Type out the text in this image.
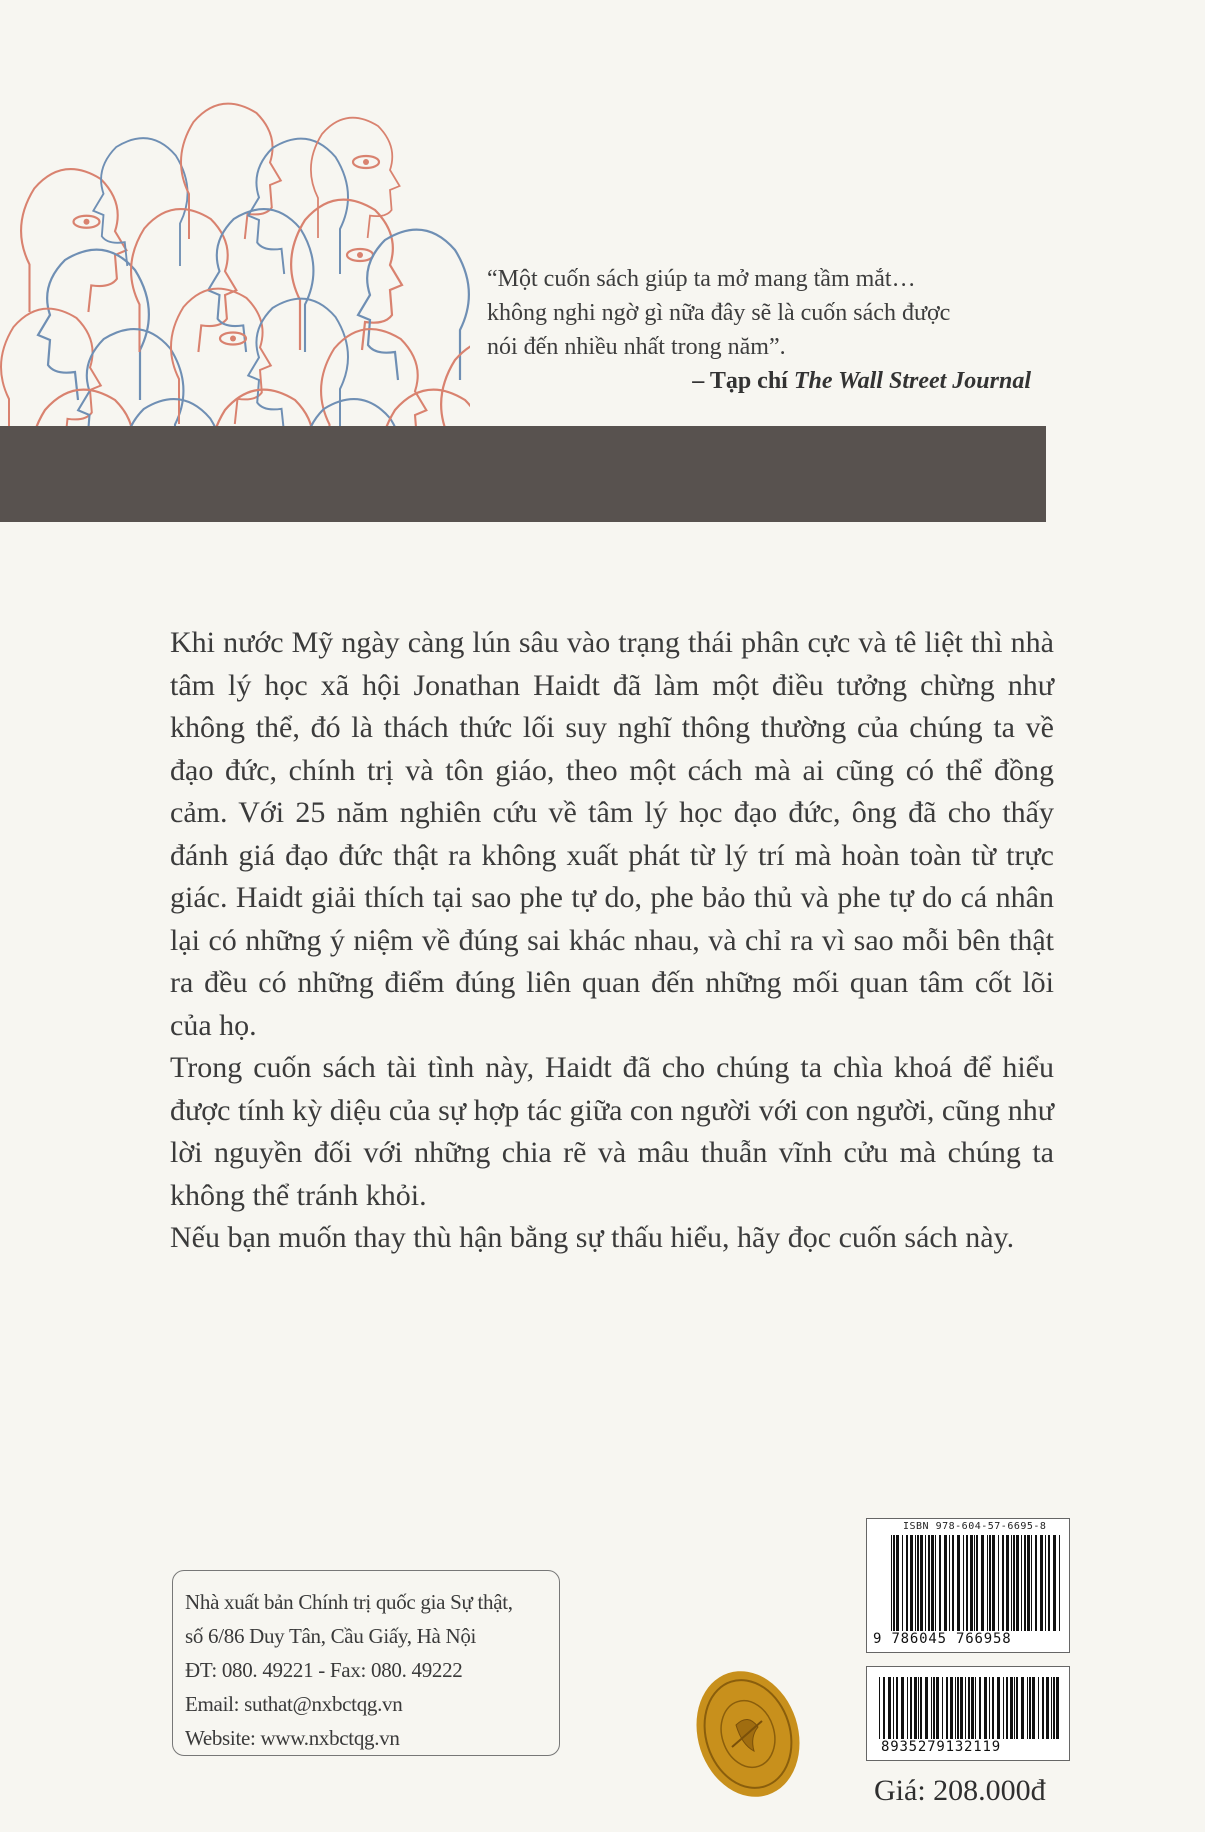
“Một cuốn sách giúp ta mở mang tầm mắt…

không nghi ngờ gì nữa đây sẽ là cuốn sách được

nói đến nhiều nhất trong năm”.

– Tạp chí The Wall Street Journal

Khi nước Mỹ ngày càng lún sâu vào trạng thái phân cực và tê liệt thì nhà tâm lý học xã hội Jonathan Haidt đã làm một điều tưởng chừng như không thể, đó là thách thức lối suy nghĩ thông thường của chúng ta về đạo đức, chính trị và tôn giáo, theo một cách mà ai cũng có thể đồng cảm. Với 25 năm nghiên cứu về tâm lý học đạo đức, ông đã cho thấy đánh giá đạo đức thật ra không xuất phát từ lý trí mà hoàn toàn từ trực giác. Haidt giải thích tại sao phe tự do, phe bảo thủ và phe tự do cá nhân lại có những ý niệm về đúng sai khác nhau, và chỉ ra vì sao mỗi bên thật ra đều có những điểm đúng liên quan đến những mối quan tâm cốt lõi của họ.

Trong cuốn sách tài tình này, Haidt đã cho chúng ta chìa khoá để hiểu được tính kỳ diệu của sự hợp tác giữa con người với con người, cũng như lời nguyền đối với những chia rẽ và mâu thuẫn vĩnh cửu mà chúng ta không thể tránh khỏi.

Nếu bạn muốn thay thù hận bằng sự thấu hiểu, hãy đọc cuốn sách này.

Nhà xuất bản Chính trị quốc gia Sự thật,
số 6/86 Duy Tân, Cầu Giấy, Hà Nội
ĐT: 080. 49221 - Fax: 080. 49222
Email: suthat@nxbctqg.vn
Website: www.nxbctqg.vn
ISBN 978-604-57-6695-8
9 786045 766958
8935279132119
Giá: 208.000đ
